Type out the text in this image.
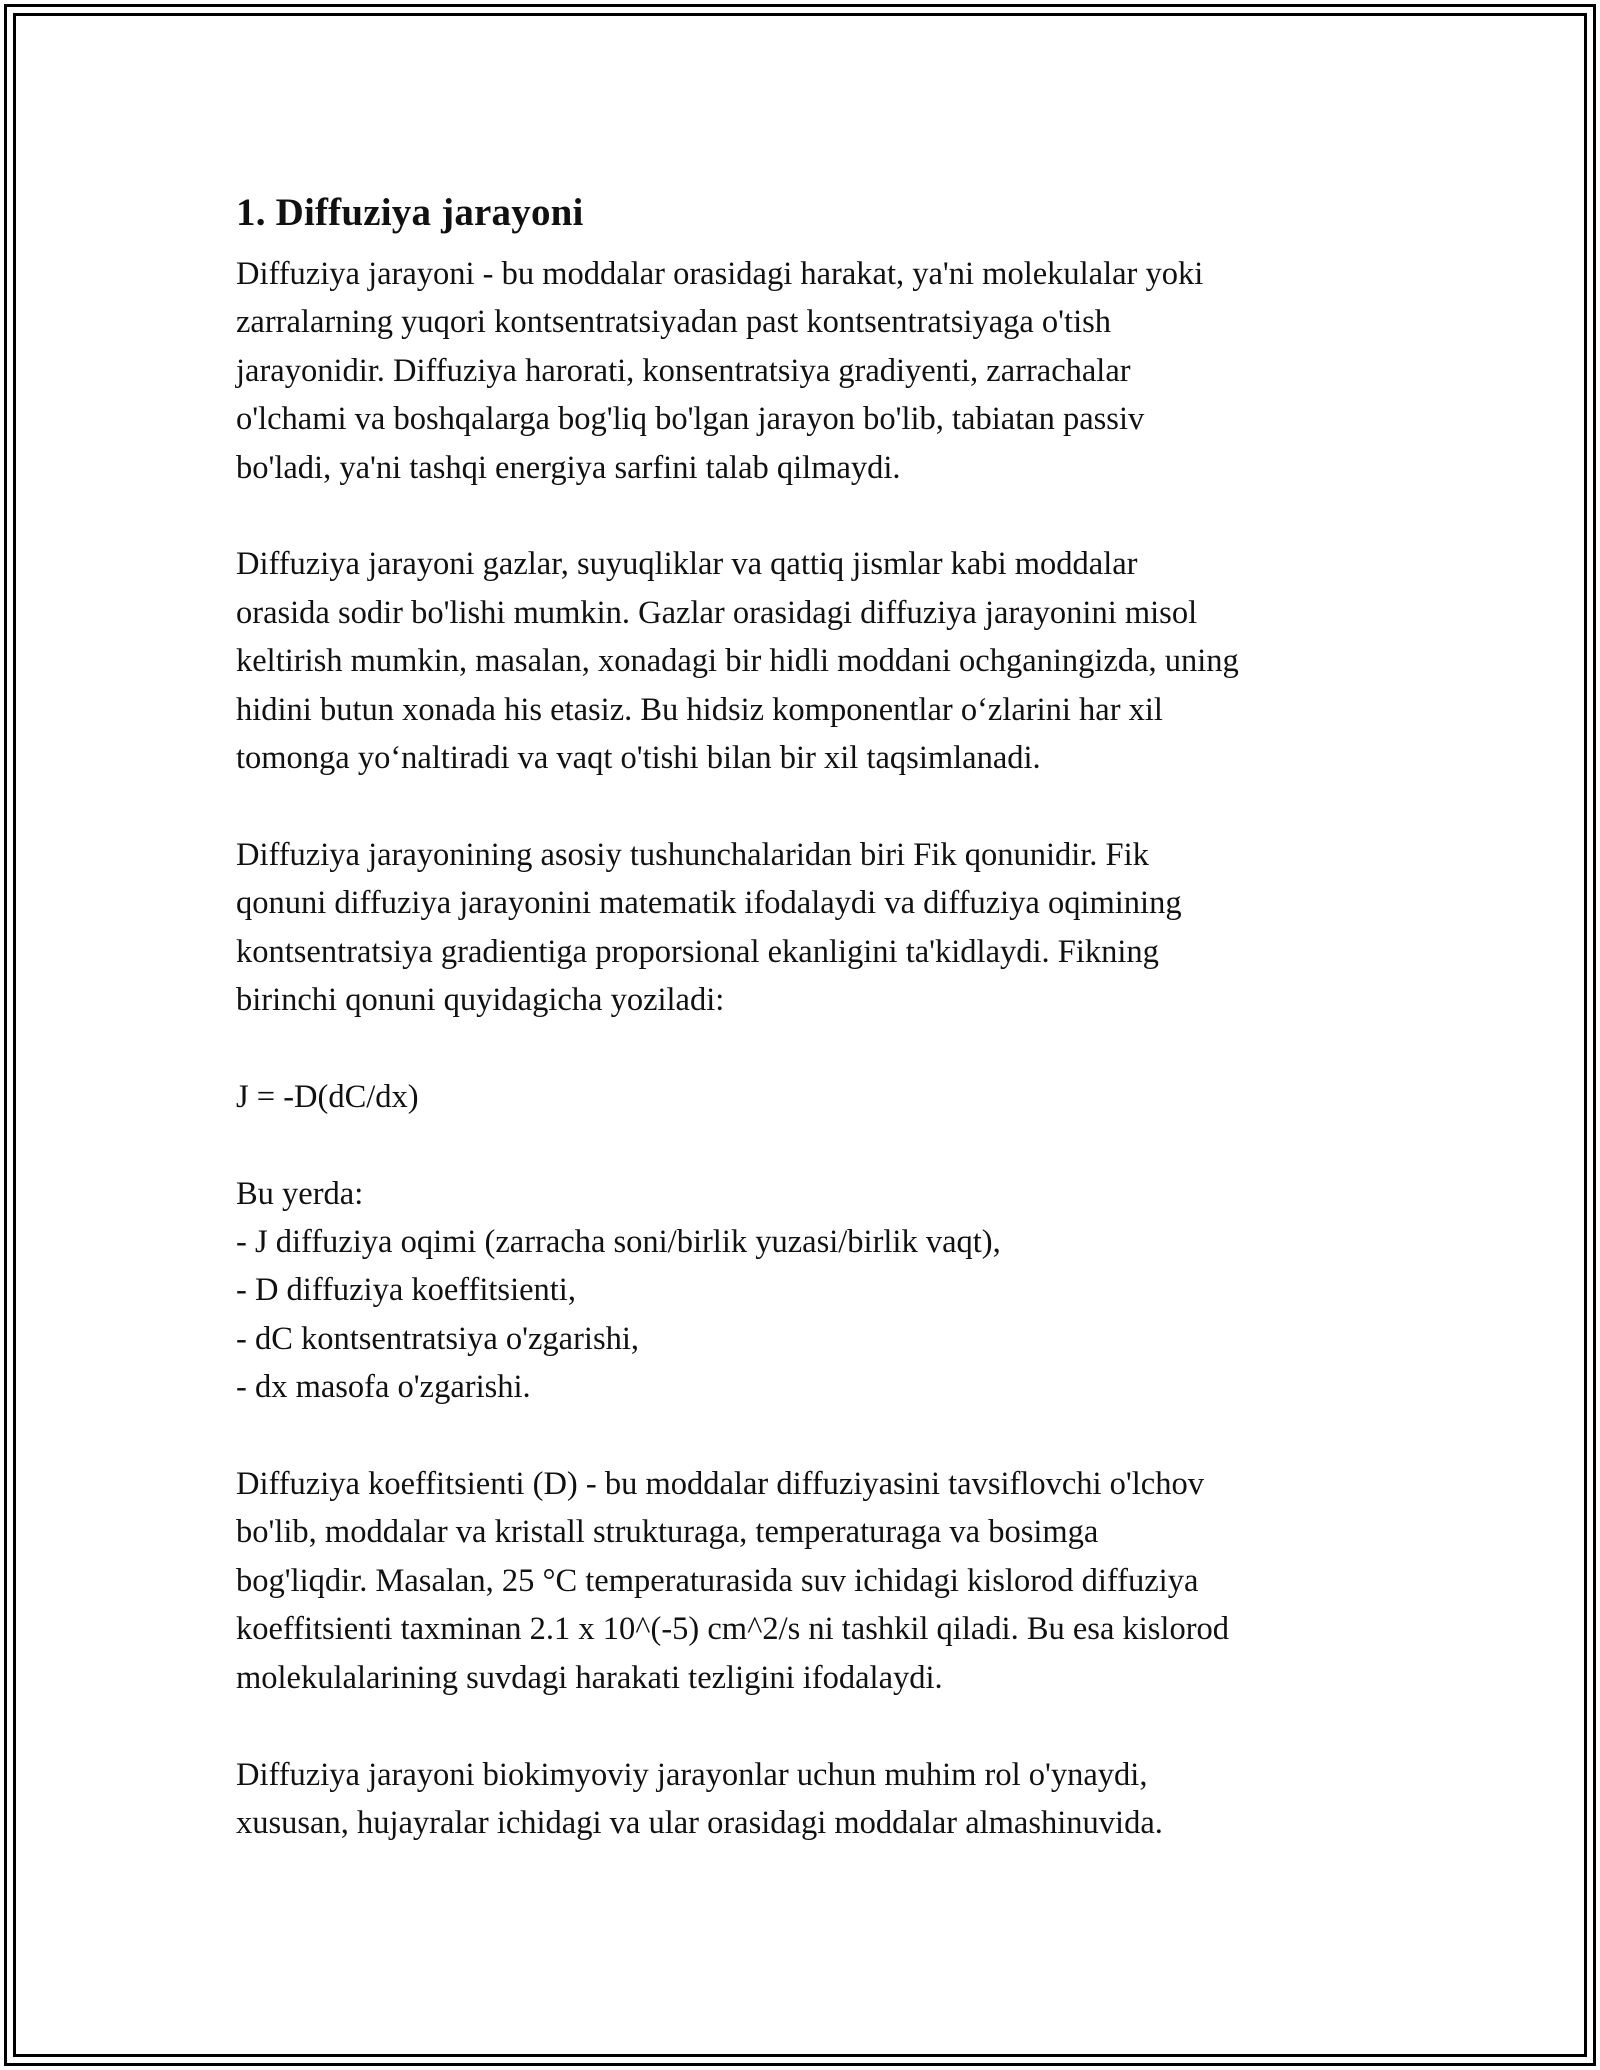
1. Diffuziya jarayoni

Diffuziya jarayoni - bu moddalar orasidagi harakat, ya'ni molekulalar yoki
zarralarning yuqori kontsentratsiyadan past kontsentratsiyaga o'tish
jarayonidir. Diffuziya harorati, konsentratsiya gradiyenti, zarrachalar
o'lchami va boshqalarga bog'liq bo'lgan jarayon bo'lib, tabiatan passiv
bo'ladi, ya'ni tashqi energiya sarfini talab qilmaydi.

Diffuziya jarayoni gazlar, suyuqliklar va qattiq jismlar kabi moddalar
orasida sodir bo'lishi mumkin. Gazlar orasidagi diffuziya jarayonini misol
keltirish mumkin, masalan, xonadagi bir hidli moddani ochganingizda, uning
hidini butun xonada his etasiz. Bu hidsiz komponentlar o‘zlarini har xil
tomonga yo‘naltiradi va vaqt o'tishi bilan bir xil taqsimlanadi.

Diffuziya jarayonining asosiy tushunchalaridan biri Fik qonunidir. Fik
qonuni diffuziya jarayonini matematik ifodalaydi va diffuziya oqimining
kontsentratsiya gradientiga proporsional ekanligini ta'kidlaydi. Fikning
birinchi qonuni quyidagicha yoziladi:

J = -D(dC/dx)

Bu yerda:
- J diffuziya oqimi (zarracha soni/birlik yuzasi/birlik vaqt),
- D diffuziya koeffitsienti,
- dC kontsentratsiya o'zgarishi,
- dx masofa o'zgarishi.

Diffuziya koeffitsienti (D) - bu moddalar diffuziyasini tavsiflovchi o'lchov
bo'lib, moddalar va kristall strukturaga, temperaturaga va bosimga
bog'liqdir. Masalan, 25 °C temperaturasida suv ichidagi kislorod diffuziya
koeffitsienti taxminan 2.1 x 10^(-5) cm^2/s ni tashkil qiladi. Bu esa kislorod
molekulalarining suvdagi harakati tezligini ifodalaydi.

Diffuziya jarayoni biokimyoviy jarayonlar uchun muhim rol o'ynaydi,
xususan, hujayralar ichidagi va ular orasidagi moddalar almashinuvida.
